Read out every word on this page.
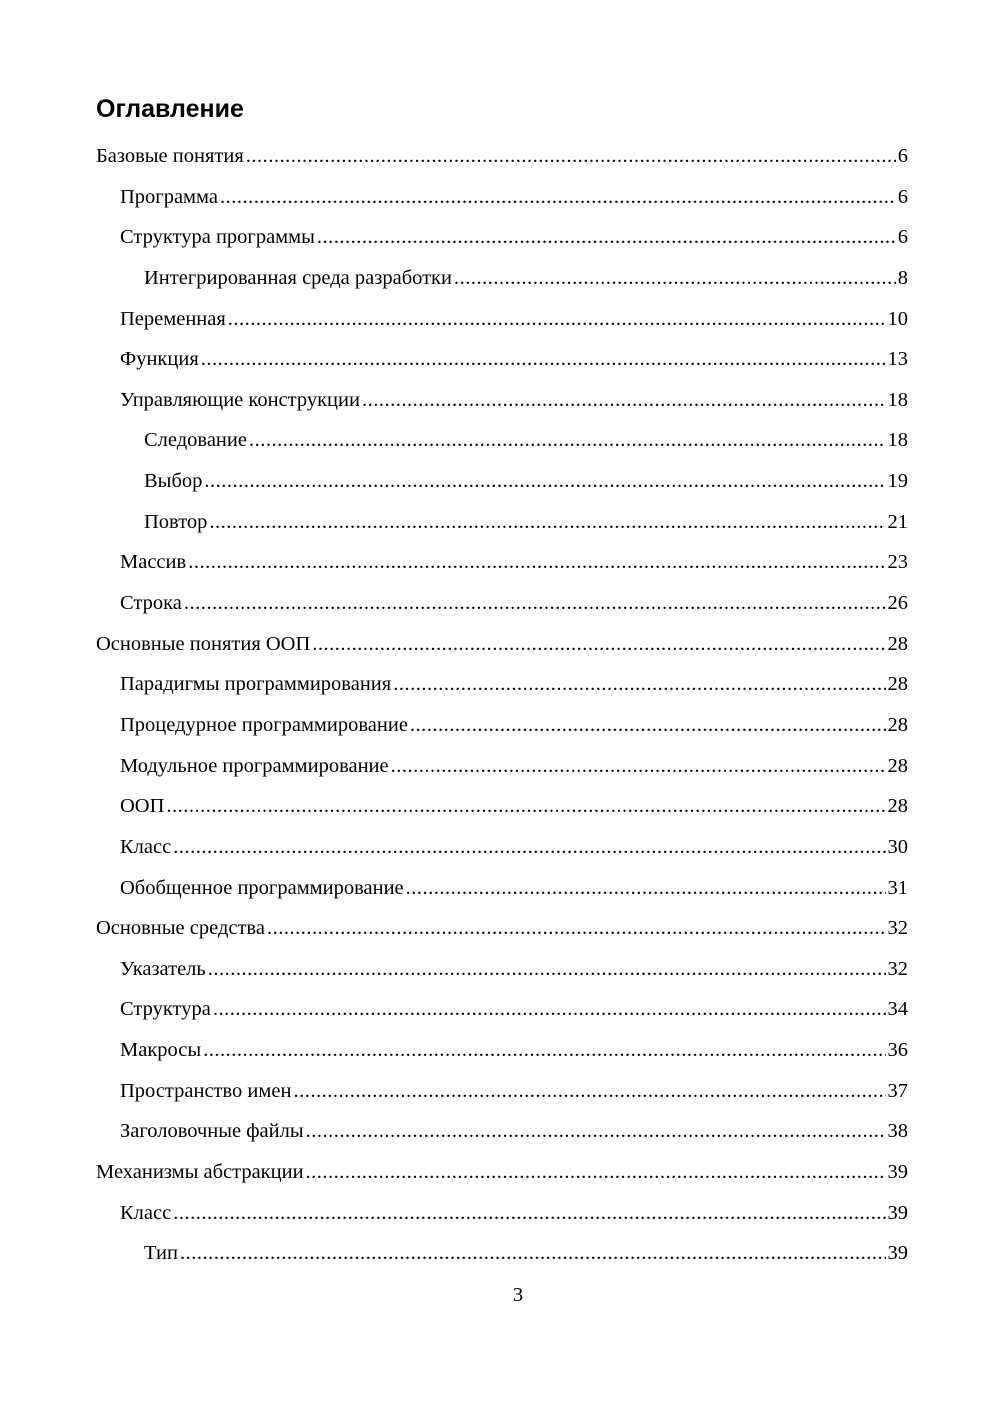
Оглавление
Базовые понятия .....	6
Программа .....	6
Структура программы .....	6
Интегрированная среда разработки .....	8
Переменная .....	10
Функция .....	13
Управляющие конструкции .....	18
Следование .....	18
Выбор .....	19
Повтор .....	21
Массив .....	23
Строка .....	26
Основные понятия ООП .....	28
Парадигмы программирования .....	28
Процедурное программирование .....	28
Модульное программирование .....	28
ООП .....	28
Класс .....	30
Обобщенное программирование .....	31
Основные средства .....	32
Указатель .....	32
Структура .....	34
Макросы .....	36
Пространство имен .....	37
Заголовочные файлы .....	38
Механизмы абстракции .....	39
Класс .....	39
Тип .....	39
3
